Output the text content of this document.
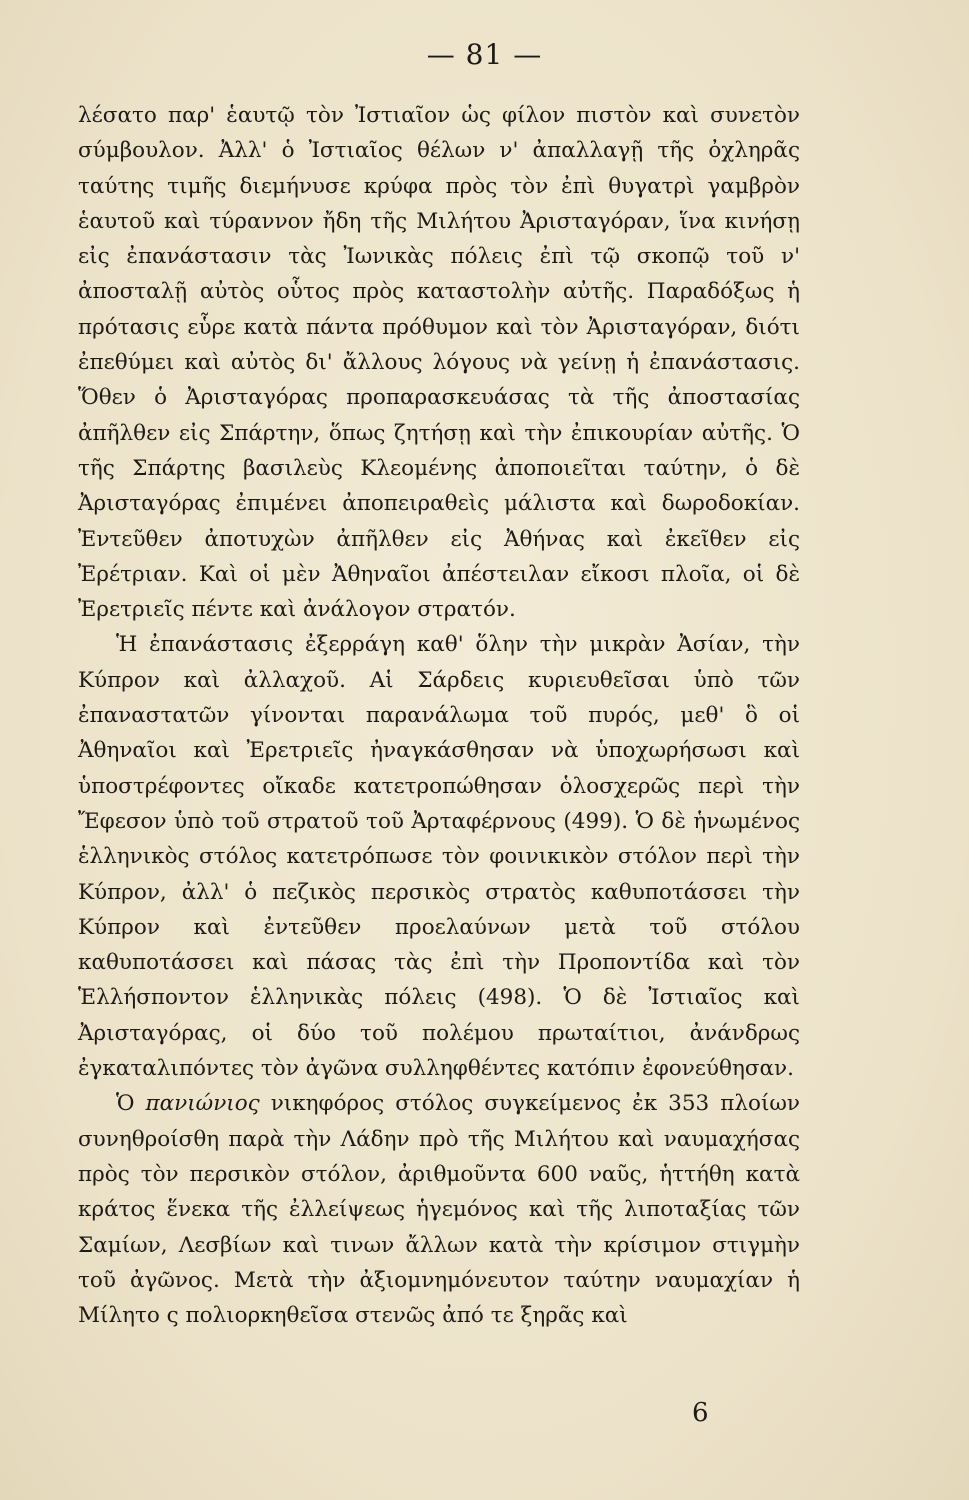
— 81 —

λέσατο παρ' ἑαυτῷ τὸν Ἰστιαῖον ὡς φίλον πιστὸν καὶ συνετὸν σύμβουλον. Ἀλλ' ὁ Ἰστιαῖος θέλων ν' ἀπαλλαγῇ τῆς ὀχληρᾶς ταύτης τιμῆς διεμήνυσε κρύφα πρὸς τὸν ἐπὶ θυγατρὶ γαμβρὸν ἑαυτοῦ καὶ τύραννον ἤδη τῆς Μιλήτου Ἀρισταγόραν, ἵνα κινήσῃ εἰς ἐπανάστασιν τὰς Ἰωνικὰς πόλεις ἐπὶ τῷ σκοπῷ τοῦ ν' ἀποσταλῇ αὐτὸς οὗτος πρὸς καταστολὴν αὐτῆς. Παραδόξως ἡ πρότασις εὗρε κατὰ πάντα πρόθυμον καὶ τὸν Ἀρισταγόραν, διότι ἐπεθύμει καὶ αὐτὸς δι' ἄλλους λόγους νὰ γείνῃ ἡ ἐπανάστασις. Ὅθεν ὁ Ἀρισταγόρας προπαρασκευάσας τὰ τῆς ἀποστασίας ἀπῆλθεν εἰς Σπάρτην, ὅπως ζητήσῃ καὶ τὴν ἐπικουρίαν αὐτῆς. Ὁ τῆς Σπάρτης βασιλεὺς Κλεομένης ἀποποιεῖται ταύτην, ὁ δὲ Ἀρισταγόρας ἐπιμένει ἀποπειραθεὶς μάλιστα καὶ δωροδοκίαν. Ἐντεῦθεν ἀποτυχὼν ἀπῆλθεν εἰς Ἀθήνας καὶ ἐκεῖθεν εἰς Ἐρέτριαν. Καὶ οἱ μὲν Ἀθηναῖοι ἀπέστειλαν εἴκοσι πλοῖα, οἱ δὲ Ἐρετριεῖς πέντε καὶ ἀνάλογον στρατόν.

Ἡ ἐπανάστασις ἐξερράγη καθ' ὅλην τὴν μικρὰν Ἀσίαν, τὴν Κύπρον καὶ ἀλλαχοῦ. Αἱ Σάρδεις κυριευθεῖσαι ὑπὸ τῶν ἐπαναστατῶν γίνονται παρανάλωμα τοῦ πυρός, μεθ' ὃ οἱ Ἀθηναῖοι καὶ Ἐρετριεῖς ἠναγκάσθησαν νὰ ὑποχωρήσωσι καὶ ὑποστρέφοντες οἴκαδε κατετροπώθησαν ὁλοσχερῶς περὶ τὴν Ἔφεσον ὑπὸ τοῦ στρατοῦ τοῦ Ἀρταφέρνους (499). Ὁ δὲ ἡνωμένος ἑλληνικὸς στόλος κατετρόπωσε τὸν φοινικικὸν στόλον περὶ τὴν Κύπρον, ἀλλ' ὁ πεζικὸς περσικὸς στρατὸς καθυποτάσσει τὴν Κύπρον καὶ ἐντεῦθεν προελαύνων μετὰ τοῦ στόλου καθυποτάσσει καὶ πάσας τὰς ἐπὶ τὴν Προποντίδα καὶ τὸν Ἑλλήσποντον ἑλληνικὰς πόλεις (498). Ὁ δὲ Ἰστιαῖος καὶ Ἀρισταγόρας, οἱ δύο τοῦ πολέμου πρωταίτιοι, ἀνάνδρως ἐγκαταλιπόντες τὸν ἀγῶνα συλληφθέντες κατόπιν ἐφονεύθησαν.

Ὁ πανιώνιος νικηφόρος στόλος συγκείμενος ἐκ 353 πλοίων συνηθροίσθη παρὰ τὴν Λάδην πρὸ τῆς Μιλήτου καὶ ναυμαχήσας πρὸς τὸν περσικὸν στόλον, ἀριθμοῦντα 600 ναῦς, ἡττήθη κατὰ κράτος ἕνεκα τῆς ἐλλείψεως ἡγεμόνος καὶ τῆς λιποταξίας τῶν Σαμίων, Λεσβίων καὶ τινων ἄλλων κατὰ τὴν κρίσιμον στιγμὴν τοῦ ἀγῶνος. Μετὰ τὴν ἀξιομνημόνευτον ταύτην ναυμαχίαν ἡ Μίλητο ς πολιορκηθεῖσα στενῶς ἀπό τε ξηρᾶς καὶ

6
